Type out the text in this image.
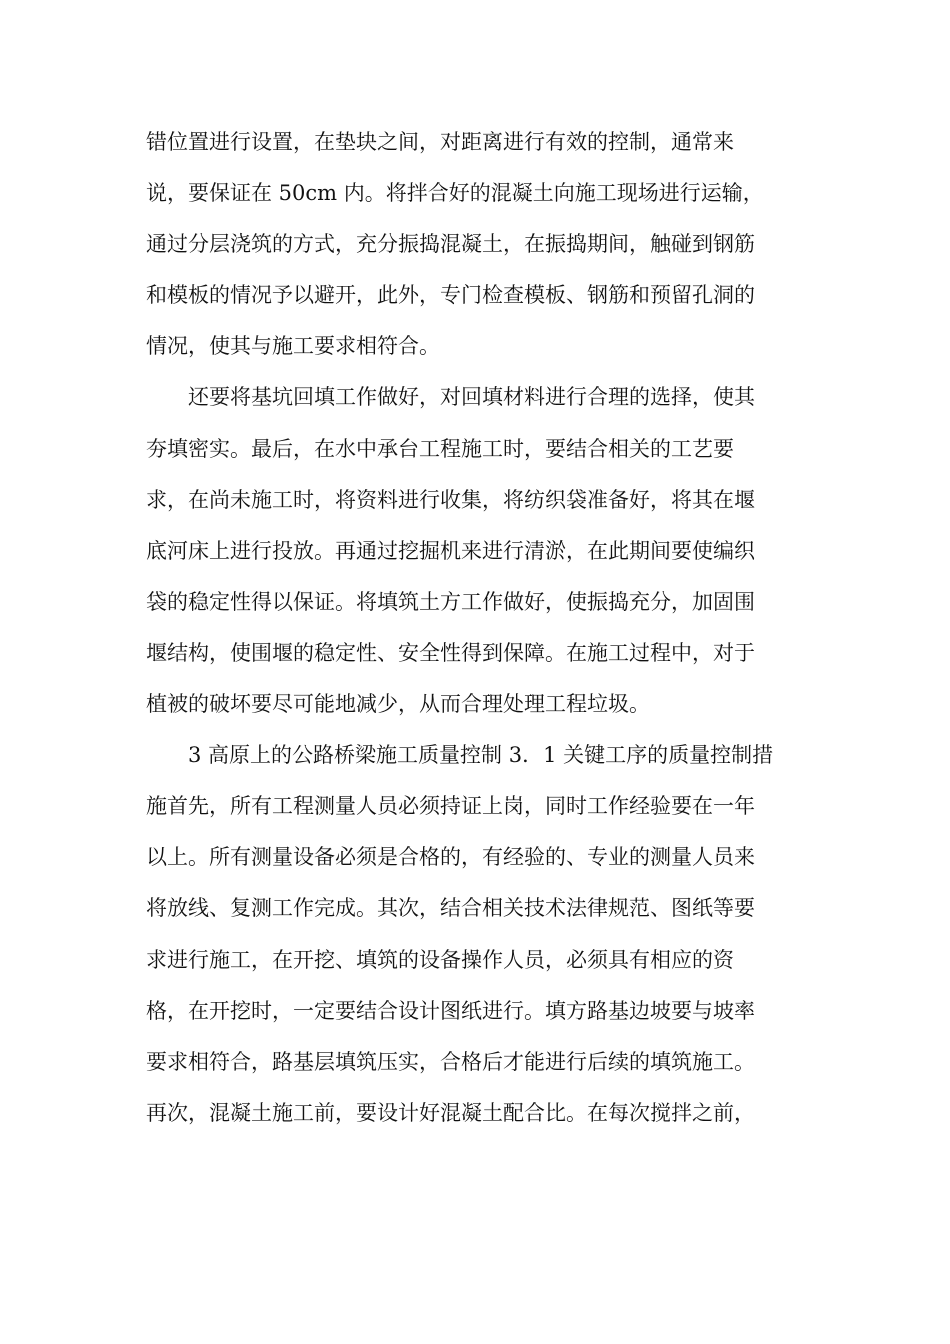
错位置进行设置，在垫块之间，对距离进行有效的控制，通常来
说，要保证在 50cm 内。将拌合好的混凝土向施工现场进行运输，
通过分层浇筑的方式，充分振捣混凝土，在振捣期间，触碰到钢筋
和模板的情况予以避开，此外，专门检查模板、钢筋和预留孔洞的
情况，使其与施工要求相符合。

还要将基坑回填工作做好，对回填材料进行合理的选择，使其
夯填密实。最后，在水中承台工程施工时，要结合相关的工艺要
求，在尚未施工时，将资料进行收集，将纺织袋准备好，将其在堰
底河床上进行投放。再通过挖掘机来进行清淤，在此期间要使编织
袋的稳定性得以保证。将填筑土方工作做好，使振捣充分，加固围
堰结构，使围堰的稳定性、安全性得到保障。在施工过程中，对于
植被的破坏要尽可能地减少，从而合理处理工程垃圾。

3 高原上的公路桥梁施工质量控制 3．1 关键工序的质量控制措
施首先，所有工程测量人员必须持证上岗，同时工作经验要在一年
以上。所有测量设备必须是合格的，有经验的、专业的测量人员来
将放线、复测工作完成。其次，结合相关技术法律规范、图纸等要
求进行施工，在开挖、填筑的设备操作人员，必须具有相应的资
格，在开挖时，一定要结合设计图纸进行。填方路基边坡要与坡率
要求相符合，路基层填筑压实，合格后才能进行后续的填筑施工。
再次，混凝土施工前，要设计好混凝土配合比。在每次搅拌之前，
